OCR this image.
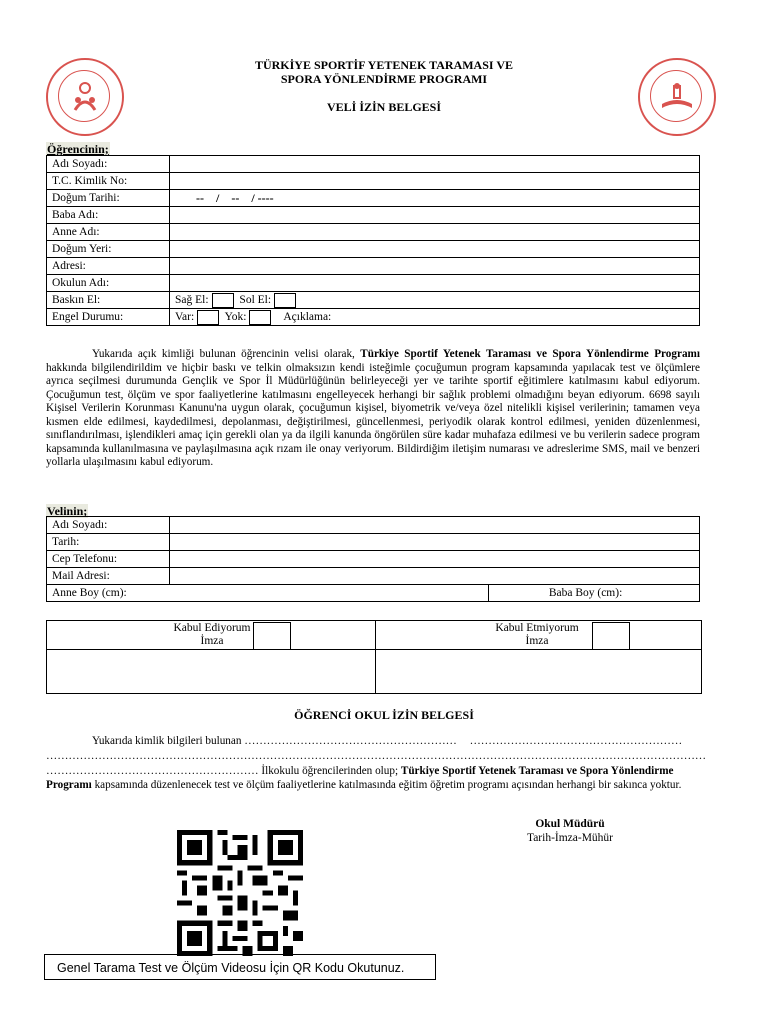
TÜRKİYE SPORTİF YETENEK TARAMASI VE
SPORA YÖNLENDİRME PROGRAMI
VELİ İZİN BELGESİ
Öğrencinin;
Adı Soyadı:	
T.C. Kimlik No:	
Doğum Tarihi:	--    /    --    / ----
Baba Adı:	
Anne Adı:	
Doğum Yeri:	
Adresi:	
Okulun Adı:	
Baskın El:	Sağ El: Sol El:
Engel Durumu:	Var: Yok: Açıklama:
Yukarıda açık kimliği bulunan öğrencinin velisi olarak, Türkiye Sportif Yetenek Taraması ve Spora Yönlendirme Programı hakkında bilgilendirildim ve hiçbir baskı ve telkin olmaksızın kendi isteğimle çocuğumun program kapsamında yapılacak test ve ölçümlere ayrıca seçilmesi durumunda Gençlik ve Spor İl Müdürlüğünün belirleyeceği yer ve tarihte sportif eğitimlere katılmasını kabul ediyorum. Çocuğumun test, ölçüm ve spor faaliyetlerine katılmasını engelleyecek herhangi bir sağlık problemi olmadığını beyan ediyorum. 6698 sayılı Kişisel Verilerin Korunması Kanunu'na uygun olarak, çocuğumun kişisel, biyometrik ve/veya özel nitelikli kişisel verilerinin; tamamen veya kısmen elde edilmesi, kaydedilmesi, depolanması, değiştirilmesi, güncellenmesi, periyodik olarak kontrol edilmesi, yeniden düzenlenmesi, sınıflandırılması, işlendikleri amaç için gerekli olan ya da ilgili kanunda öngörülen süre kadar muhafaza edilmesi ve bu verilerin sadece program kapsamında kullanılmasına ve paylaşılmasına açık rızam ile onay veriyorum. Bildirdiğim iletişim numarası ve adreslerime SMS, mail ve benzeri yollarla ulaşılmasını kabul ediyorum.
Velinin;
Adı Soyadı:		
Tarih:		
Cep Telefonu:		
Mail Adresi:		
Anne Boy (cm):		Baba Boy (cm):
Kabul Ediyorum
İmza
Kabul Etmiyorum
İmza
ÖĞRENCİ OKUL İZİN BELGESİ
Yukarıda kimlik bilgileri bulunan ………………………………………………… …………………………………………………
……………………………………………………………………………………………………………………………………………………………
………………………………………………… İlkokulu öğrencilerinden olup; Türkiye Sportif Yetenek Taraması ve Spora Yönlendirme Programı kapsamında düzenlenecek test ve ölçüm faaliyetlerine katılmasında eğitim öğretim programı açısından herhangi bir sakınca yoktur.
Okul Müdürü
Tarih-İmza-Mühür
Genel Tarama Test ve Ölçüm Videosu İçin QR Kodu Okutunuz.
